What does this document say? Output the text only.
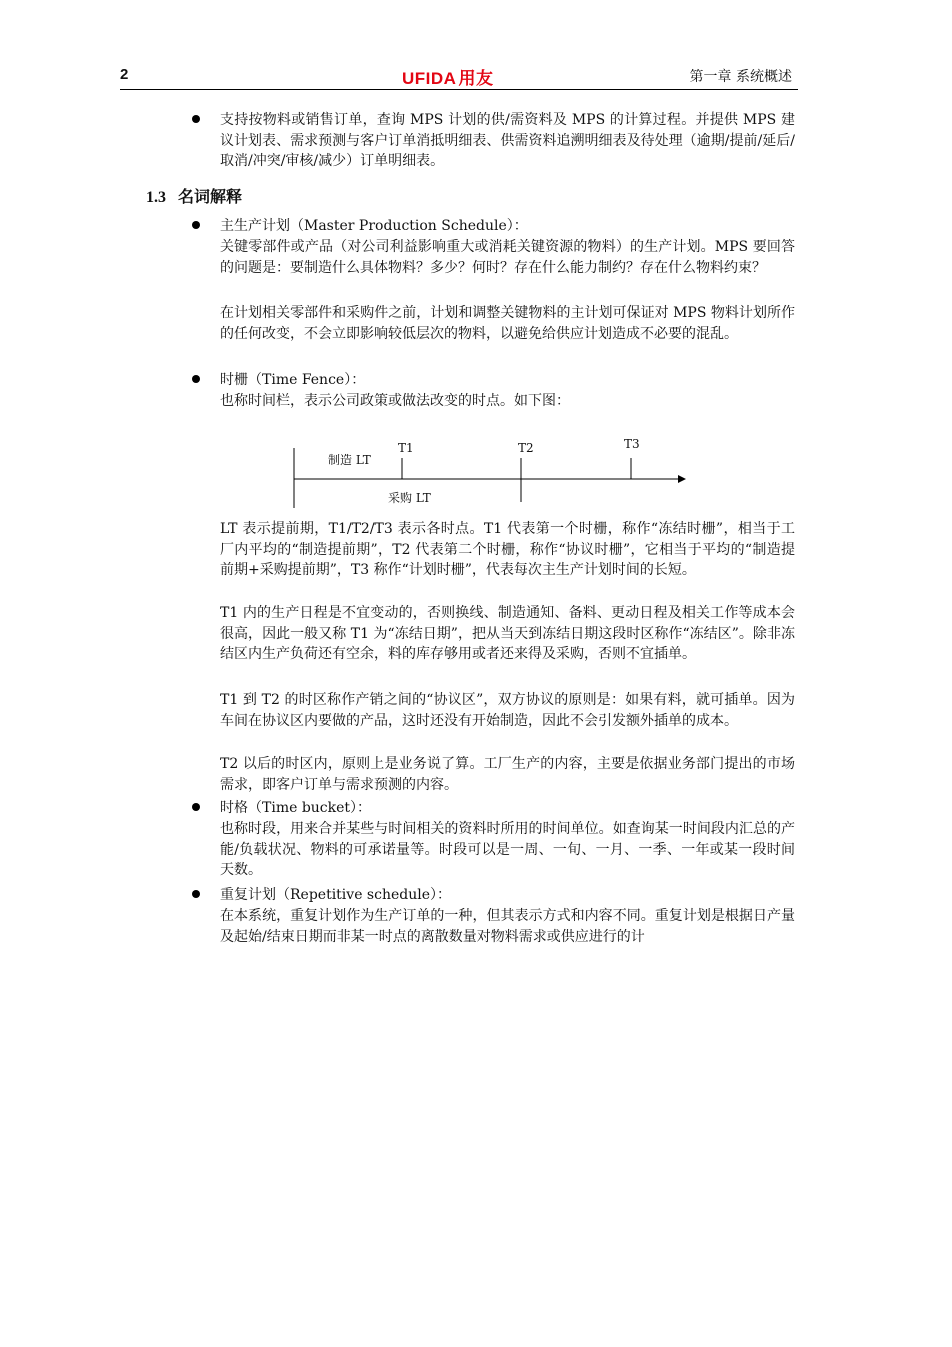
2	UFIDA 用友	第一章 系统概述

支持按物料或销售订单，查询 MPS 计划的供/需资料及 MPS 的计算过程。并提供 MPS 建议计划表、需求预测与客户订单消抵明细表、供需资料追溯明细表及待处理（逾期/提前/延后/取消/冲突/审核/减少）订单明细表。

1.3 名词解释

主生产计划（Master Production Schedule）：

关键零部件或产品（对公司利益影响重大或消耗关键资源的物料）的生产计划。MPS 要回答的问题是：要制造什么具体物料？多少？何时？存在什么能力制约？存在什么物料约束？

在计划相关零部件和采购件之前，计划和调整关键物料的主计划可保证对 MPS 物料计划所作的任何改变，不会立即影响较低层次的物料，以避免给供应计划造成不必要的混乱。

时栅（Time Fence）：

也称时间栏，表示公司政策或做法改变的时点。如下图：

T1	T2	T3
制造 LT
采购 LT

LT 表示提前期，T1/T2/T3 表示各时点。T1 代表第一个时栅，称作“冻结时栅”，相当于工厂内平均的“制造提前期”，T2 代表第二个时栅，称作“协议时栅”，它相当于平均的“制造提前期+采购提前期”，T3 称作“计划时栅”，代表每次主生产计划时间的长短。

T1 内的生产日程是不宜变动的，否则换线、制造通知、备料、更动日程及相关工作等成本会很高，因此一般又称 T1 为“冻结日期”，把从当天到冻结日期这段时区称作“冻结区”。除非冻结区内生产负荷还有空余，料的库存够用或者还来得及采购，否则不宜插单。

T1 到 T2 的时区称作产销之间的“协议区”，双方协议的原则是：如果有料，就可插单。因为车间在协议区内要做的产品，这时还没有开始制造，因此不会引发额外插单的成本。

T2 以后的时区内，原则上是业务说了算。工厂生产的内容，主要是依据业务部门提出的市场需求，即客户订单与需求预测的内容。

时格（Time bucket）：

也称时段，用来合并某些与时间相关的资料时所用的时间单位。如查询某一时间段内汇总的产能/负载状况、物料的可承诺量等。时段可以是一周、一旬、一月、一季、一年或某一段时间天数。

重复计划（Repetitive schedule）：

在本系统，重复计划作为生产订单的一种，但其表示方式和内容不同。重复计划是根据日产量及起始/结束日期而非某一时点的离散数量对物料需求或供应进行的计
